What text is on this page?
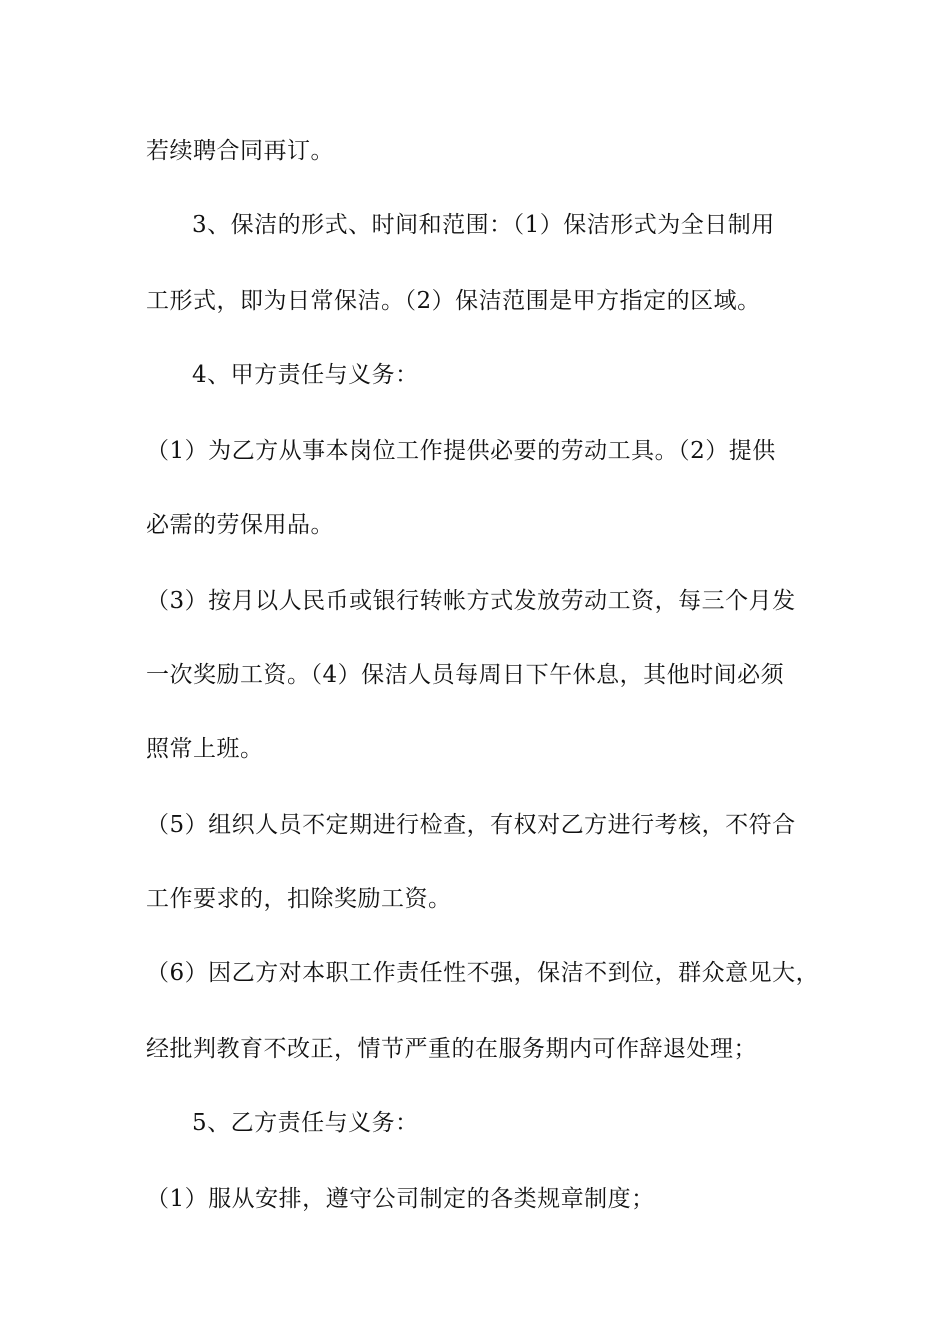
若续聘合同再订。
3、保洁的形式、时间和范围：（1）保洁形式为全日制用
工形式，即为日常保洁。（2）保洁范围是甲方指定的区域。
4、甲方责任与义务：
（1）为乙方从事本岗位工作提供必要的劳动工具。（2）提供
必需的劳保用品。
（3）按月以人民币或银行转帐方式发放劳动工资，每三个月发
一次奖励工资。（4）保洁人员每周日下午休息，其他时间必须
照常上班。
（5）组织人员不定期进行检查，有权对乙方进行考核，不符合
工作要求的，扣除奖励工资。
（6）因乙方对本职工作责任性不强，保洁不到位，群众意见大，
经批判教育不改正，情节严重的在服务期内可作辞退处理；
5、乙方责任与义务：
（1）服从安排，遵守公司制定的各类规章制度；
